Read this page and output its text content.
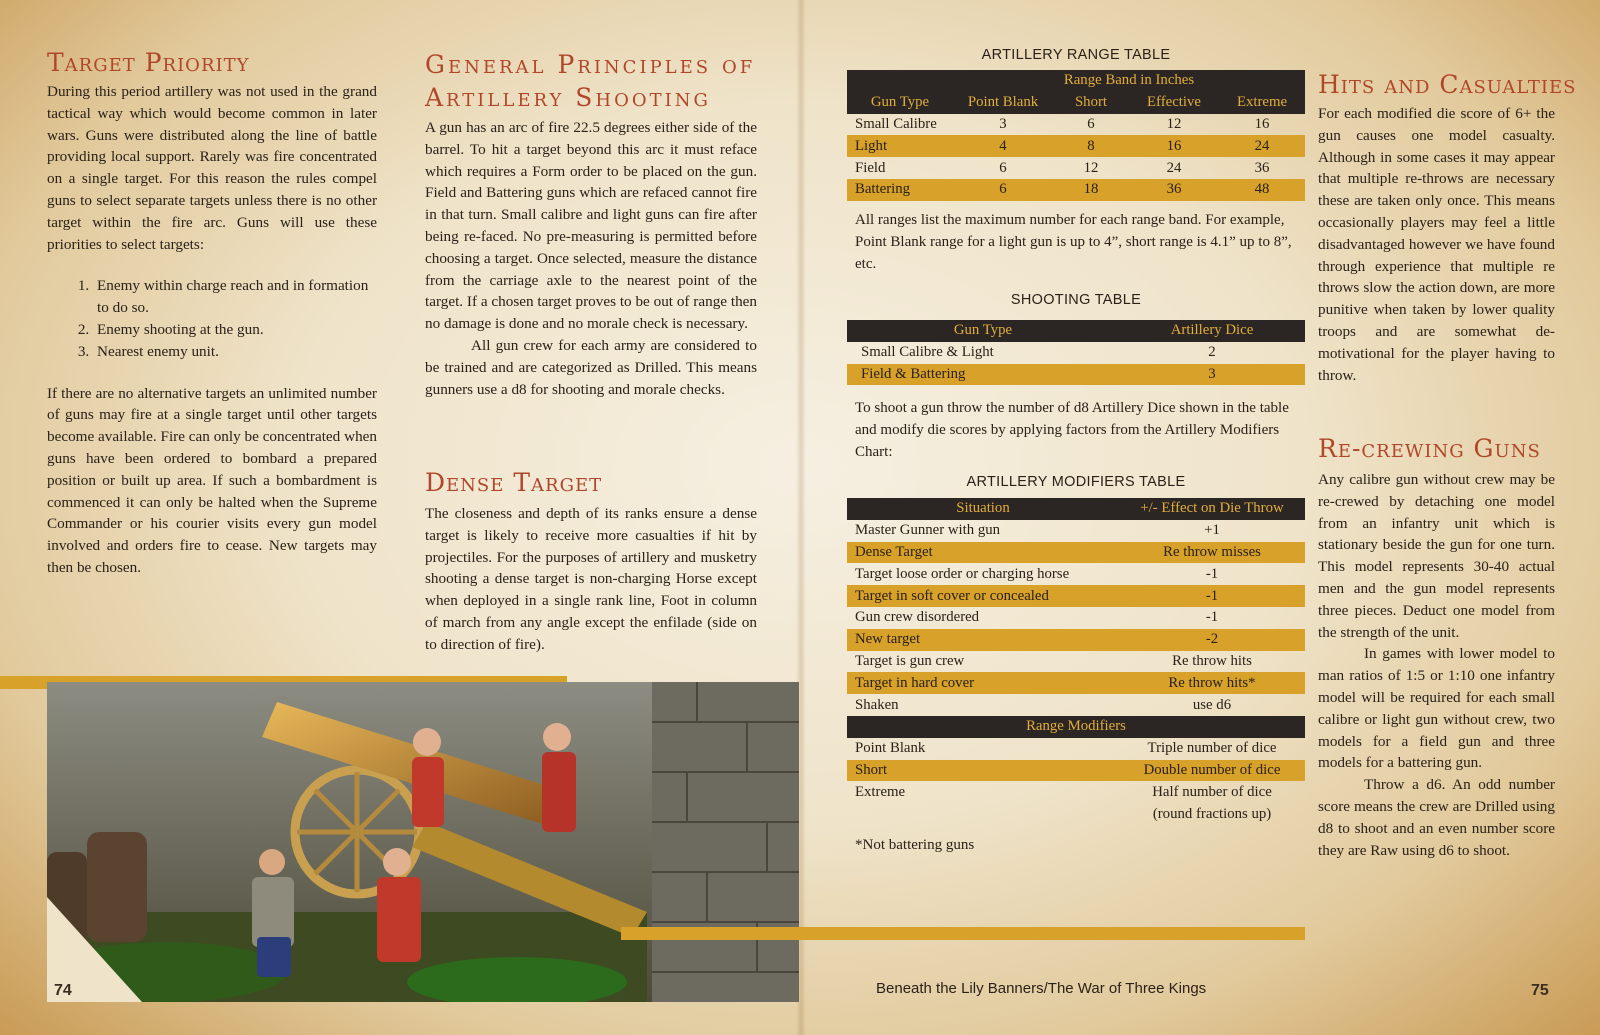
Target Priority

During this period artillery was not used in the grand tactical way which would become common in later wars. Guns were distributed along the line of battle providing local support. Rarely was fire concentrated on a single target. For this reason the rules compel guns to select separate targets unless there is no other target within the fire arc. Guns will use these priorities to select targets:

1. Enemy within charge reach and in formation to do so.
2. Enemy shooting at the gun.
3. Nearest enemy unit.

If there are no alternative targets an unlimited number of guns may fire at a single target until other targets become available. Fire can only be concentrated when guns have been ordered to bombard a prepared position or built up area. If such a bombardment is commenced it can only be halted when the Supreme Commander or his courier visits every gun model involved and orders fire to cease. New targets may then be chosen.

General Principles of Artillery Shooting

A gun has an arc of fire 22.5 degrees either side of the barrel. To hit a target beyond this arc it must reface which requires a Form order to be placed on the gun. Field and Battering guns which are refaced cannot fire in that turn. Small calibre and light guns can fire after being re-faced. No pre-measuring is permitted before choosing a target. Once selected, measure the distance from the carriage axle to the nearest point of the target. If a chosen target proves to be out of range then no damage is done and no morale check is necessary.

All gun crew for each army are considered to be trained and are categorized as Drilled. This means gunners use a d8 for shooting and morale checks.

Dense Target

The closeness and depth of its ranks ensure a dense target is likely to receive more casualties if hit by projectiles. For the purposes of artillery and musketry shooting a dense target is non-charging Horse except when deployed in a single rank line, Foot in column of march from any angle except the enfilade (side on to direction of fire).

74
ARTILLERY RANGE TABLE
	Range Band in Inches			
Gun Type	Point Blank	Short	Effective	Extreme
Small Calibre	3	6	12	16
Light	4	8	16	24
Field	6	12	24	36
Battering	6	18	36	48
All ranges list the maximum number for each range band. For example, Point Blank range for a light gun is up to 4”, short range is 4.1” up to 8”, etc.
SHOOTING TABLE
Gun Type	Artillery Dice
Small Calibre & Light	2
Field & Battering	3
To shoot a gun throw the number of d8 Artillery Dice shown in the table and modify die scores by applying factors from the Artillery Modifiers Chart:
ARTILLERY MODIFIERS TABLE
Situation	+/- Effect on Die Throw
Master Gunner with gun	+1
Dense Target	Re throw misses
Target loose order or charging horse	-1
Target in soft cover or concealed	-1
Gun crew disordered	-1
New target	-2
Target is gun crew	Re throw hits
Target in hard cover	Re throw hits*
Shaken	use d6
Range Modifiers	
Point Blank	Triple number of dice
Short	Double number of dice
Extreme	Half number of dice
	(round fractions up)
*Not battering guns
Hits and Casualties

For each modified die score of 6+ the gun causes one model casualty. Although in some cases it may appear that multiple re-throws are necessary these are taken only once. This means occasionally players may feel a little disadvantaged however we have found through experience that multiple re throws slow the action down, are more punitive when taken by lower quality troops and are somewhat de-motivational for the player having to throw.

Re-crewing Guns

Any calibre gun without crew may be re-crewed by detaching one model from an infantry unit which is stationary beside the gun for one turn. This model represents 30-40 actual men and the gun model represents three pieces. Deduct one model from the strength of the unit.

In games with lower model to man ratios of 1:5 or 1:10 one infantry model will be required for each small calibre or light gun without crew, two models for a field gun and three models for a battering gun.

Throw a d6. An odd number score means the crew are Drilled using d8 to shoot and an even number score they are Raw using d6 to shoot.

Beneath the Lily Banners/The War of Three Kings	75
